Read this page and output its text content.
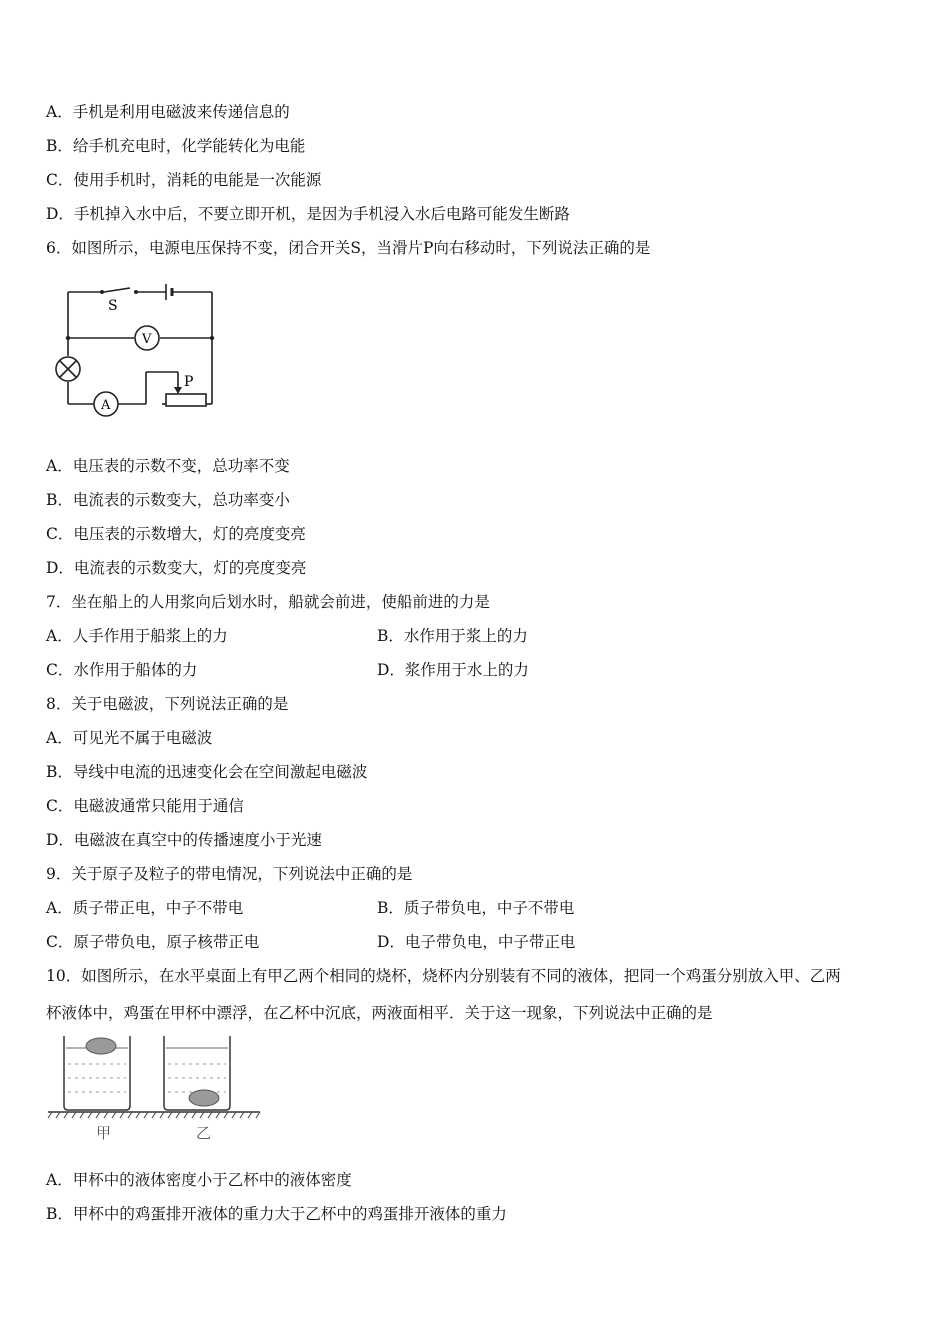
A．手机是利用电磁波来传递信息的
B．给手机充电时，化学能转化为电能
C．使用手机时，消耗的电能是一次能源
D．手机掉入水中后，不要立即开机，是因为手机浸入水后电路可能发生断路
6．如图所示，电源电压保持不变，闭合开关S，当滑片P向右移动时，下列说法正确的是
S
V
A
P
A．电压表的示数不变，总功率不变
B．电流表的示数变大，总功率变小
C．电压表的示数增大，灯的亮度变亮
D．电流表的示数变大，灯的亮度变亮
7．坐在船上的人用浆向后划水时，船就会前进，使船前进的力是
A．人手作用于船浆上的力	B．水作用于浆上的力
C．水作用于船体的力	D．浆作用于水上的力
8．关于电磁波，下列说法正确的是
A．可见光不属于电磁波
B．导线中电流的迅速变化会在空间激起电磁波
C．电磁波通常只能用于通信
D．电磁波在真空中的传播速度小于光速
9．关于原子及粒子的带电情况，下列说法中正确的是
A．质子带正电，中子不带电	B．质子带负电，中子不带电
C．原子带负电，原子核带正电	D．电子带负电，中子带正电
10．如图所示，在水平桌面上有甲乙两个相同的烧杯，烧杯内分别装有不同的液体，把同一个鸡蛋分别放入甲、乙两
杯液体中，鸡蛋在甲杯中漂浮，在乙杯中沉底，两液面相平．关于这一现象，下列说法中正确的是
甲	乙
A．甲杯中的液体密度小于乙杯中的液体密度
B．甲杯中的鸡蛋排开液体的重力大于乙杯中的鸡蛋排开液体的重力
